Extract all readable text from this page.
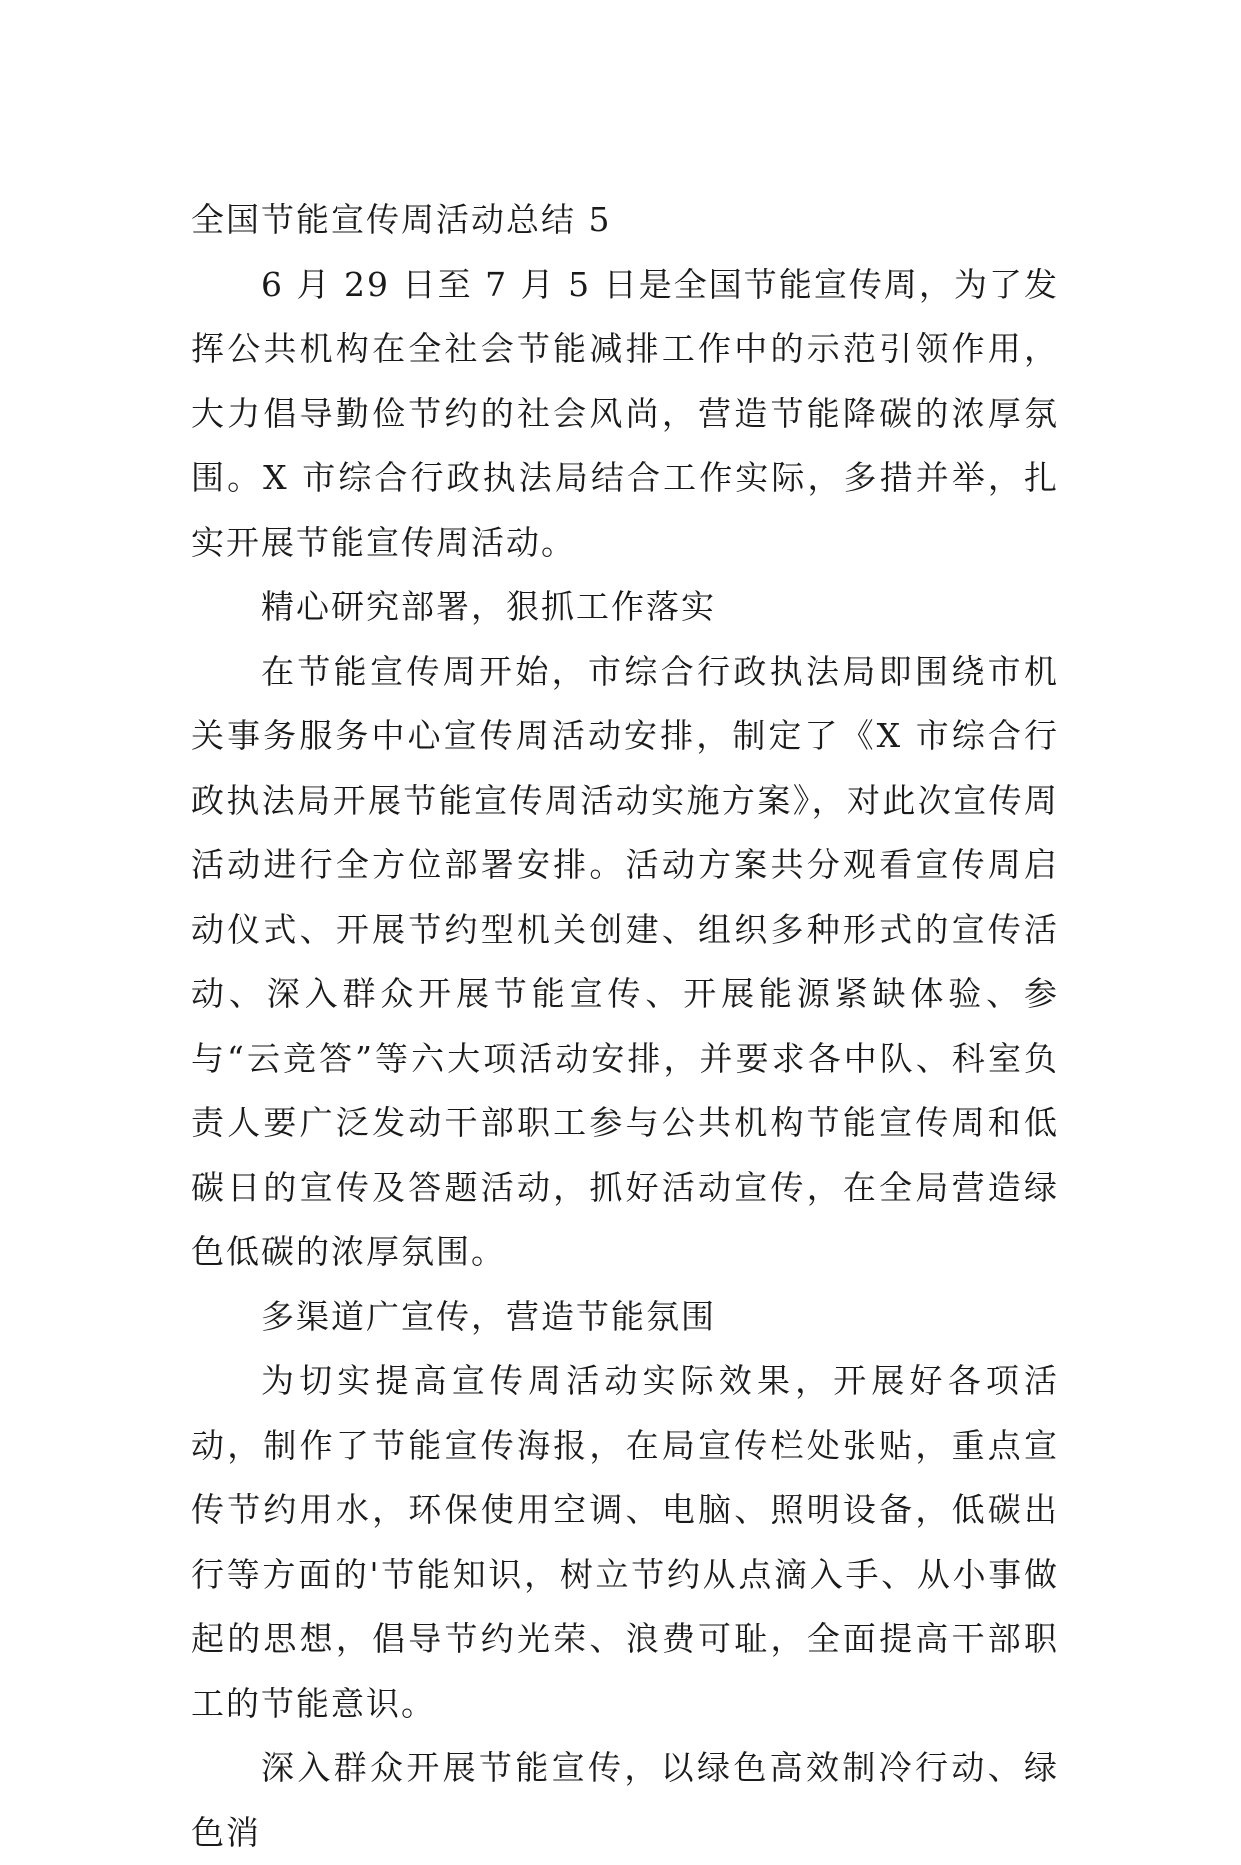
全国节能宣传周活动总结 5

6 月 29 日至 7 月 5 日是全国节能宣传周，为了发挥公共机构在全社会节能减排工作中的示范引领作用，大力倡导勤俭节约的社会风尚，营造节能降碳的浓厚氛围。X 市综合行政执法局结合工作实际，多措并举，扎实开展节能宣传周活动。

精心研究部署，狠抓工作落实

在节能宣传周开始，市综合行政执法局即围绕市机关事务服务中心宣传周活动安排，制定了《X 市综合行政执法局开展节能宣传周活动实施方案》，对此次宣传周活动进行全方位部署安排。活动方案共分观看宣传周启动仪式、开展节约型机关创建、组织多种形式的宣传活动、深入群众开展节能宣传、开展能源紧缺体验、参与“云竞答”等六大项活动安排，并要求各中队、科室负责人要广泛发动干部职工参与公共机构节能宣传周和低碳日的宣传及答题活动，抓好活动宣传，在全局营造绿色低碳的浓厚氛围。

多渠道广宣传，营造节能氛围

为切实提高宣传周活动实际效果，开展好各项活动，制作了节能宣传海报，在局宣传栏处张贴，重点宣传节约用水，环保使用空调、电脑、照明设备，低碳出行等方面的'节能知识，树立节约从点滴入手、从小事做起的思想，倡导节约光荣、浪费可耻，全面提高干部职工的节能意识。

深入群众开展节能宣传，以绿色高效制冷行动、绿色消
